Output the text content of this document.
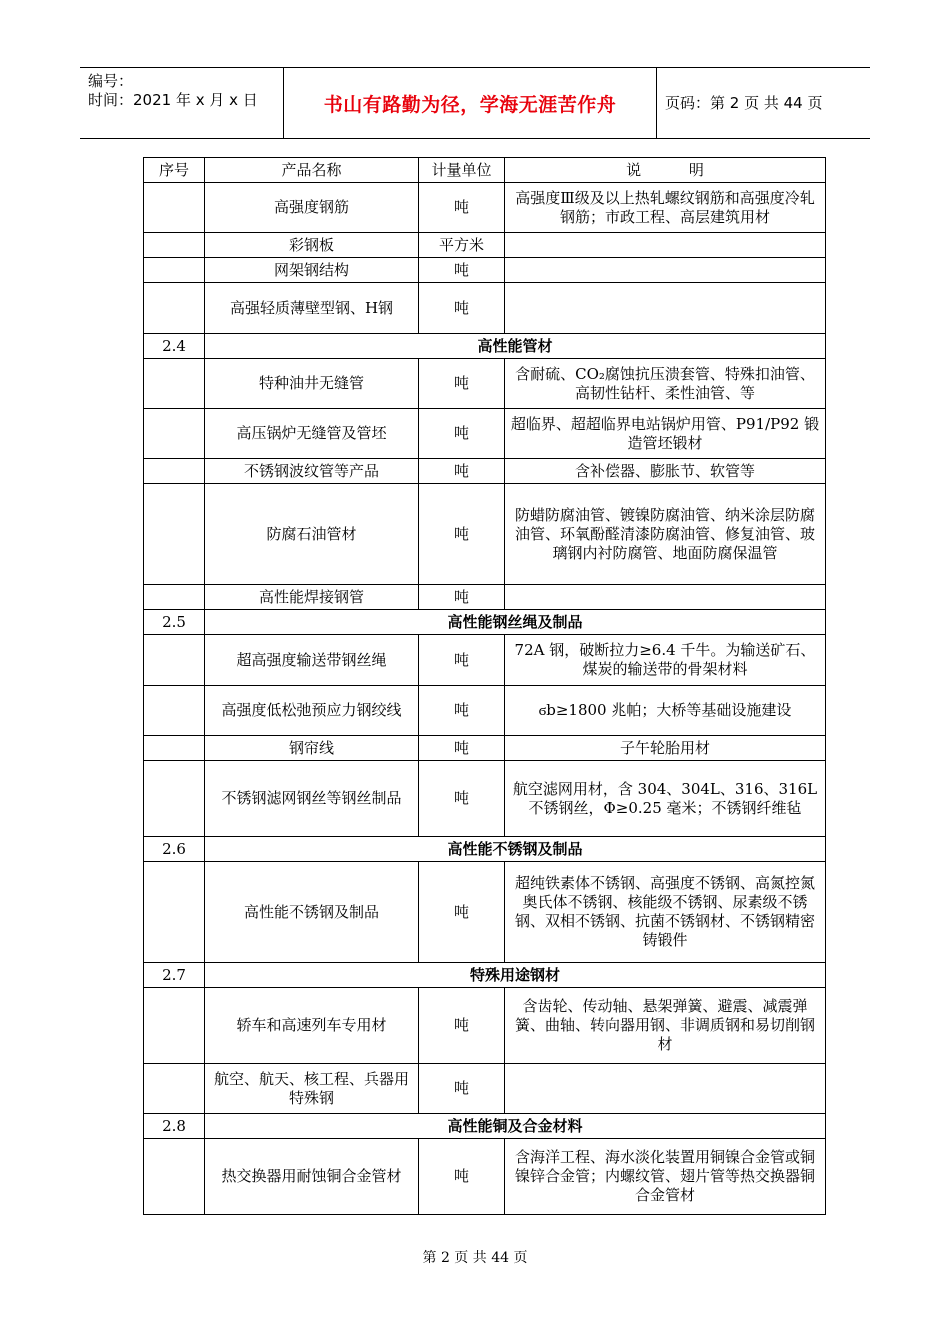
编号：
时间：2021 年 x 月 x 日	书山有路勤为径，学海无涯苦作舟	页码：第 2 页 共 44 页
序号	产品名称	计量单位	说          明
	高强度钢筋	吨	高强度Ⅲ级及以上热轧螺纹钢筋和高强度冷轧钢筋；市政工程、高层建筑用材
	彩钢板	平方米	
	网架钢结构	吨	
	高强轻质薄壁型钢、H钢	吨	
2.4	高性能管材		
	特种油井无缝管	吨	含耐硫、CO₂腐蚀抗压溃套管、特殊扣油管、高韧性钻杆、柔性油管、等
	高压锅炉无缝管及管坯	吨	超临界、超超临界电站锅炉用管、P91/P92 锻造管坯锻材
	不锈钢波纹管等产品	吨	含补偿器、膨胀节、软管等
	防腐石油管材	吨	防蜡防腐油管、镀镍防腐油管、纳米涂层防腐油管、环氧酚醛清漆防腐油管、修复油管、玻璃钢内衬防腐管、地面防腐保温管
	高性能焊接钢管	吨	
2.5	高性能钢丝绳及制品		
	超高强度输送带钢丝绳	吨	72A 钢，破断拉力≥6.4 千牛。为输送矿石、煤炭的输送带的骨架材料
	高强度低松弛预应力钢绞线	吨	ϭb≥1800 兆帕；大桥等基础设施建设
	钢帘线	吨	子午轮胎用材
	不锈钢滤网钢丝等钢丝制品	吨	航空滤网用材，含 304、304L、316、316L 不锈钢丝，Φ≥0.25 毫米；不锈钢纤维毡
2.6	高性能不锈钢及制品		
	高性能不锈钢及制品	吨	超纯铁素体不锈钢、高强度不锈钢、高氮控氮奥氏体不锈钢、核能级不锈钢、尿素级不锈钢、双相不锈钢、抗菌不锈钢材、不锈钢精密铸锻件
2.7	特殊用途钢材		
	轿车和高速列车专用材	吨	含齿轮、传动轴、悬架弹簧、避震、减震弹簧、曲轴、转向器用钢、非调质钢和易切削钢材
	航空、航天、核工程、兵器用特殊钢	吨	
2.8	高性能铜及合金材料		
	热交换器用耐蚀铜合金管材	吨	含海洋工程、海水淡化装置用铜镍合金管或铜镍锌合金管；内螺纹管、翅片管等热交换器铜合金管材
第 2 页 共 44 页
